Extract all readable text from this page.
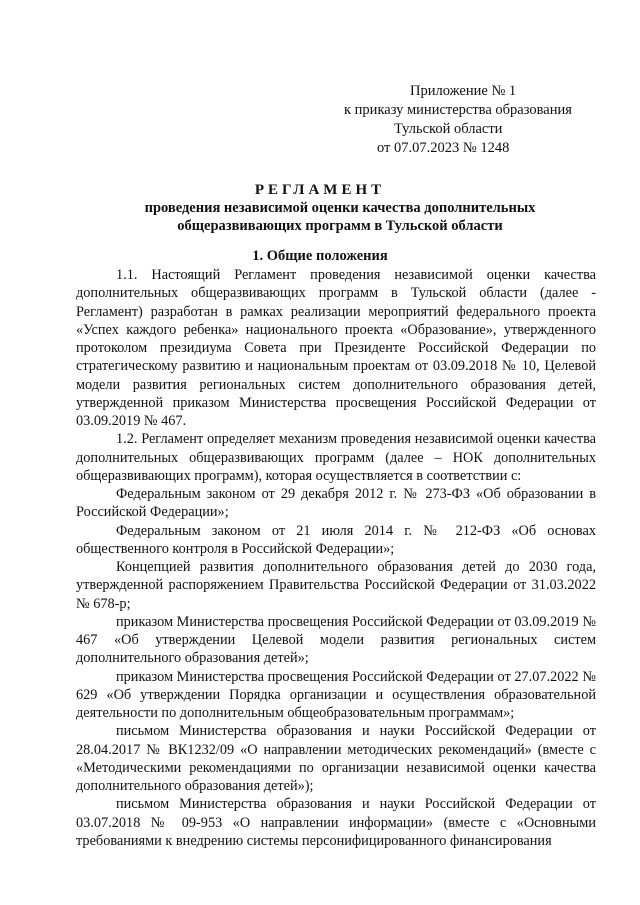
Приложение № 1
к приказу министерства образования
Тульской области
от 07.07.2023 № 1248
РЕГЛАМЕНТ
проведения независимой оценки качества дополнительных
общеразвивающих программ в Тульской области
1. Общие положения

1.1. Настоящий Регламент проведения независимой оценки качества дополнительных общеразвивающих программ в Тульской области (далее - Регламент) разработан в рамках реализации мероприятий федерального проекта «Успех каждого ребенка» национального проекта «Образование», утвержденного протоколом президиума Совета при Президенте Российской Федерации по стратегическому развитию и национальным проектам от 03.09.2018 № 10, Целевой модели развития региональных систем дополнительного образования детей, утвержденной приказом Министерства просвещения Российской Федерации от 03.09.2019 № 467.

1.2. Регламент определяет механизм проведения независимой оценки качества дополнительных общеразвивающих программ (далее – НОК дополнительных общеразвивающих программ), которая осуществляется в соответствии с:

Федеральным законом от 29 декабря 2012 г. № 273-ФЗ «Об образовании в Российской Федерации»;

Федеральным законом от 21 июля 2014 г. № 212-ФЗ «Об основах общественного контроля в Российской Федерации»;

Концепцией развития дополнительного образования детей до 2030 года, утвержденной распоряжением Правительства Российской Федерации от 31.03.2022 № 678-р;

приказом Министерства просвещения Российской Федерации от 03.09.2019 № 467 «Об утверждении Целевой модели развития региональных систем дополнительного образования детей»;

приказом Министерства просвещения Российской Федерации от 27.07.2022 № 629 «Об утверждении Порядка организации и осуществления образовательной деятельности по дополнительным общеобразовательным программам»;

письмом Министерства образования и науки Российской Федерации от 28.04.2017 № ВК1232/09 «О направлении методических рекомендаций» (вместе с «Методическими рекомендациями по организации независимой оценки качества дополнительного образования детей»);

письмом Министерства образования и науки Российской Федерации от 03.07.2018 № 09-953 «О направлении информации» (вместе с «Основными требованиями к внедрению системы персонифицированного финансирования
